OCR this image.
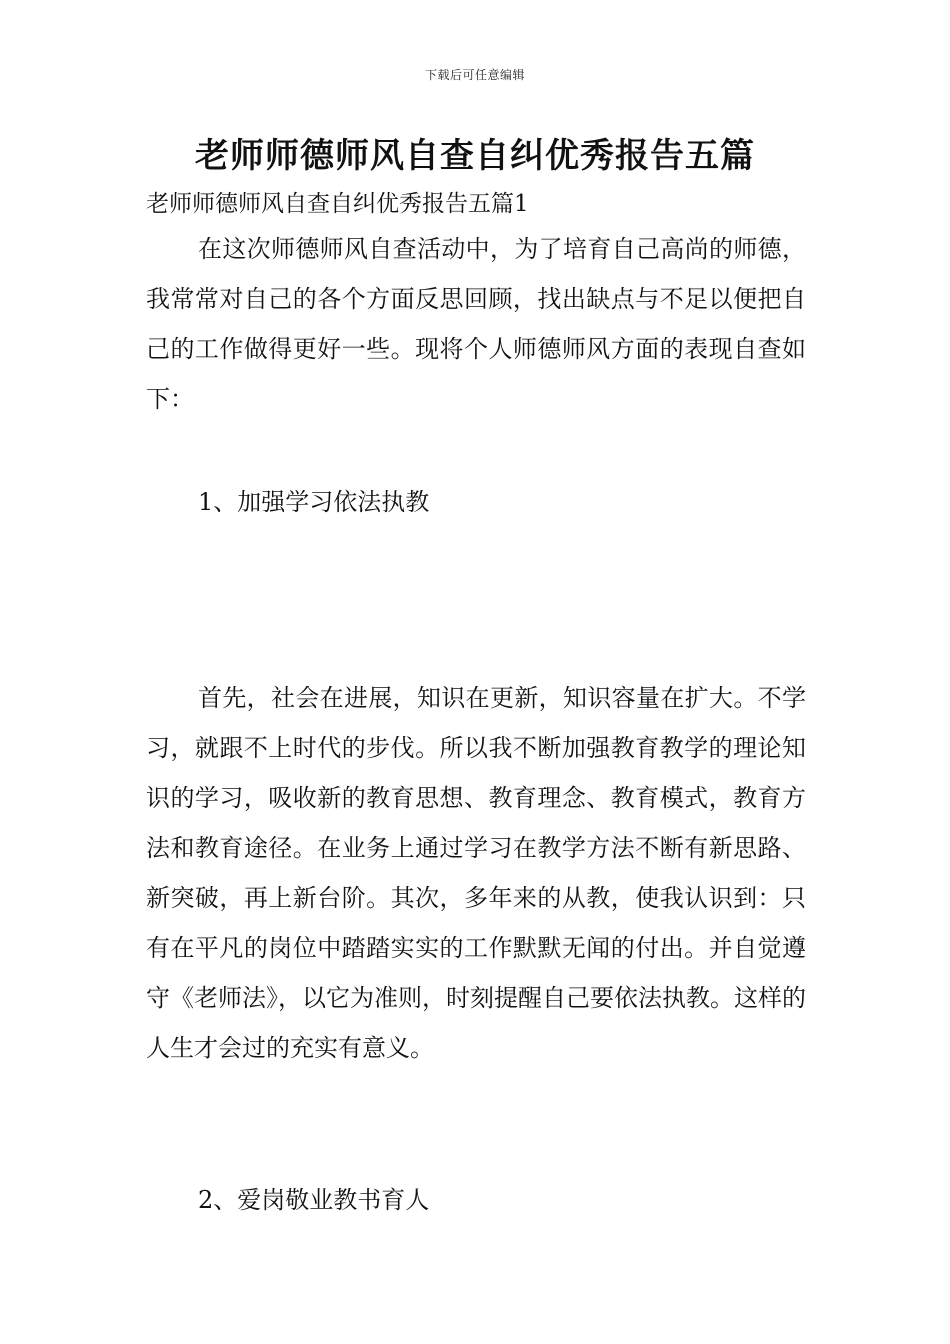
下载后可任意编辑
老师师德师风自查自纠优秀报告五篇

老师师德师风自查自纠优秀报告五篇1

在这次师德师风自查活动中，为了培育自己高尚的师德，我常常对自己的各个方面反思回顾，找出缺点与不足以便把自己的工作做得更好一些。现将个人师德师风方面的表现自查如下：

1、加强学习依法执教

首先，社会在进展，知识在更新，知识容量在扩大。不学习，就跟不上时代的步伐。所以我不断加强教育教学的理论知识的学习，吸收新的教育思想、教育理念、教育模式，教育方法和教育途径。在业务上通过学习在教学方法不断有新思路、新突破，再上新台阶。其次，多年来的从教，使我认识到：只有在平凡的岗位中踏踏实实的工作默默无闻的付出。并自觉遵守《老师法》，以它为准则，时刻提醒自己要依法执教。这样的人生才会过的充实有意义。

2、爱岗敬业教书育人
